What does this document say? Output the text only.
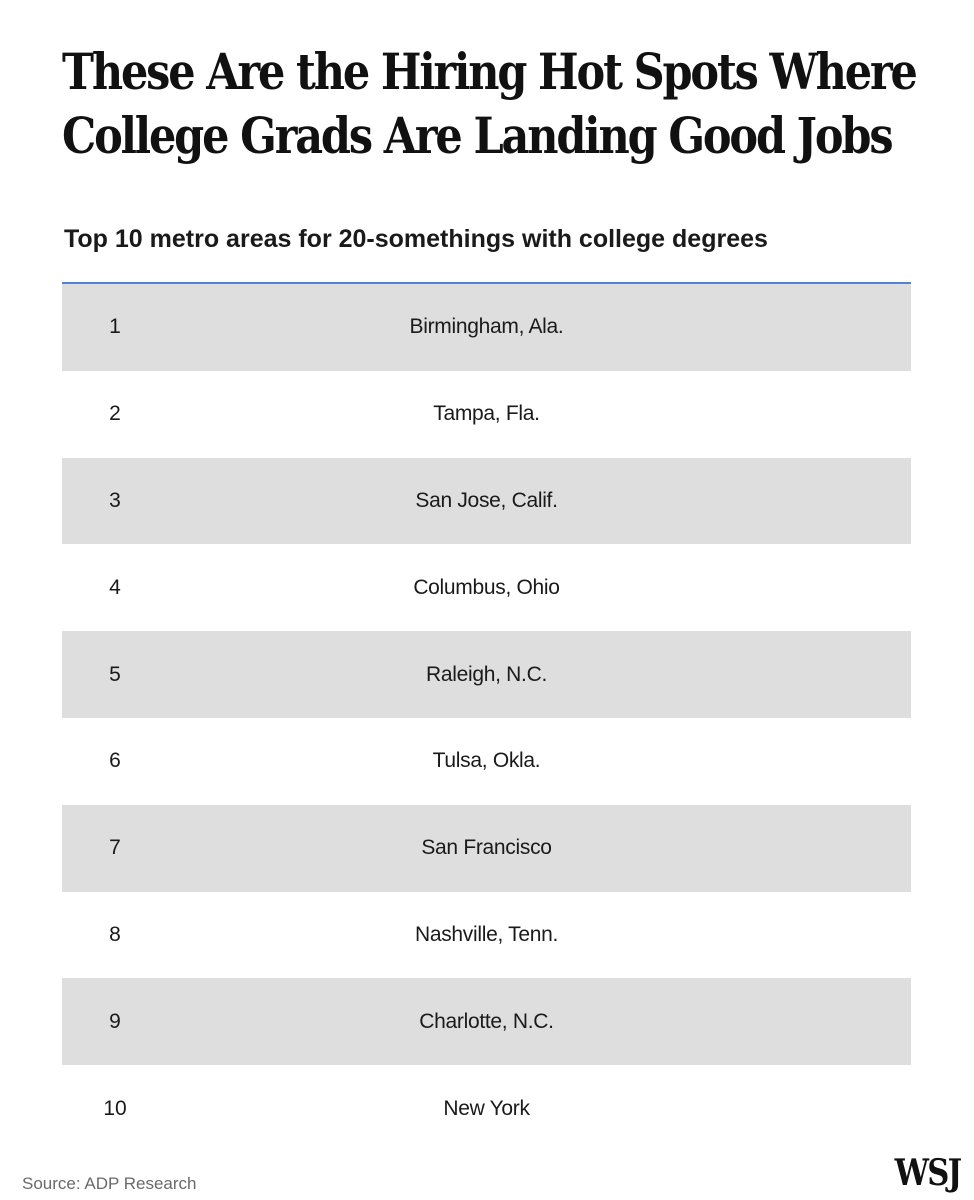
These Are the Hiring Hot Spots Where
College Grads Are Landing Good Jobs
Top 10 metro areas for 20-somethings with college degrees
1	Birmingham, Ala.
2	Tampa, Fla.
3	San Jose, Calif.
4	Columbus, Ohio
5	Raleigh, N.C.
6	Tulsa, Okla.
7	San Francisco
8	Nashville, Tenn.
9	Charlotte, N.C.
10	New York
Source: ADP Research	WSJ
